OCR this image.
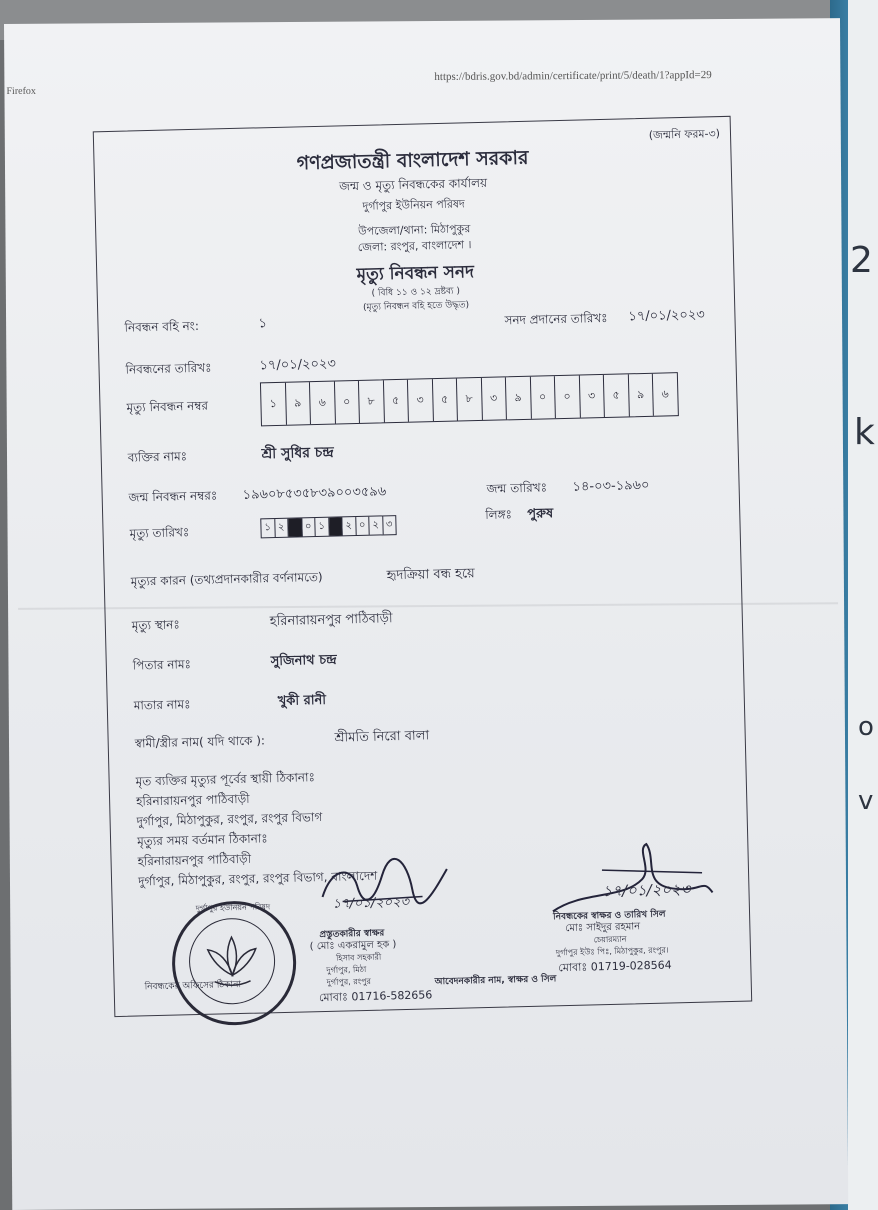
2
k
o
v
Firefox
https://bdris.gov.bd/admin/certificate/print/5/death/1?appId=29
(জন্মনি ফরম-৩)
গণপ্রজাতন্ত্রী বাংলাদেশ সরকার
জন্ম ও মৃত্যু নিবন্ধকের কার্যালয়
দুর্গাপুর ইউনিয়ন পরিষদ
উপজেলা/থানা: মিঠাপুকুর
জেলা: রংপুর, বাংলাদেশ ।
মৃত্যু নিবন্ধন সনদ
( বিধি ১১ ও ১২ দ্রষ্টব্য )
(মৃত্যু নিবন্ধন বহি হতে উদ্ধৃত)
নিবন্ধন বহি নং:	১	সনদ প্রদানের তারিখঃ ১৭/০১/২০২৩
নিবন্ধনের তারিখঃ	১৭/০১/২০২৩
মৃত্যু নিবন্ধন নম্বর	১	৯	৬	০	৮	৫	৩	৫	৮	৩	৯	০	০	৩	৫	৯	৬
ব্যক্তির নামঃ	শ্রী সুধির চন্দ্র
জন্ম নিবন্ধন নম্বরঃ ১৯৬০৮৫৩৫৮৩৯০০৩৫৯৬	জন্ম তারিখঃ ১৪-০৩-১৯৬০
মৃত্যু তারিখঃ	১ ২	০ ১	২ ০ ২ ৩
লিঙ্গঃ পুরুষ
মৃত্যুর কারন (তথ্যপ্রদানকারীর বর্ণনামতে)	হৃদক্রিয়া বন্ধ হয়ে
মৃত্যু স্থানঃ	হরিনারায়নপুর পাঠিবাড়ী
পিতার নামঃ	সুজিনাথ চন্দ্র
মাতার নামঃ	খুকী রানী
স্বামী/স্ত্রীর নাম( যদি থাকে ):	শ্রীমতি নিরো বালা
মৃত ব্যক্তির মৃত্যুর পূর্বের স্থায়ী ঠিকানাঃ
হরিনারায়নপুর পাঠিবাড়ী
দুর্গাপুর, মিঠাপুকুর, রংপুর, রংপুর বিভাগ
মৃত্যুর সময় বর্তমান ঠিকানাঃ
হরিনারায়নপুর পাঠিবাড়ী
দুর্গাপুর, মিঠাপুকুর, রংপুর, রংপুর বিভাগ, বাংলাদেশ
১৭/০১/২০২৩
১৭/০১/২০২৩
দুর্গাপুর ইউনিয়ন পরিষদ
প্রস্তুতকারীর স্বাক্ষর
( মোঃ একরামুল হক )
হিসাব সহকারী
দুর্গাপুর, মিঠা
দুর্গাপুর, রংপুর
মোবাঃ 01716-582656
নিবন্ধকের স্বাক্ষর ও তারিখ সিল
মোঃ সাইদুর রহমান
চেয়ারম্যান
দুর্গাপুর ইউঃ পিঃ, মিঠাপুকুর, রংপুর।
মোবাঃ 01719-028564
নিবন্ধকের অফিসের ঠিকানা	আবেদনকারীর নাম, স্বাক্ষর ও সিল
